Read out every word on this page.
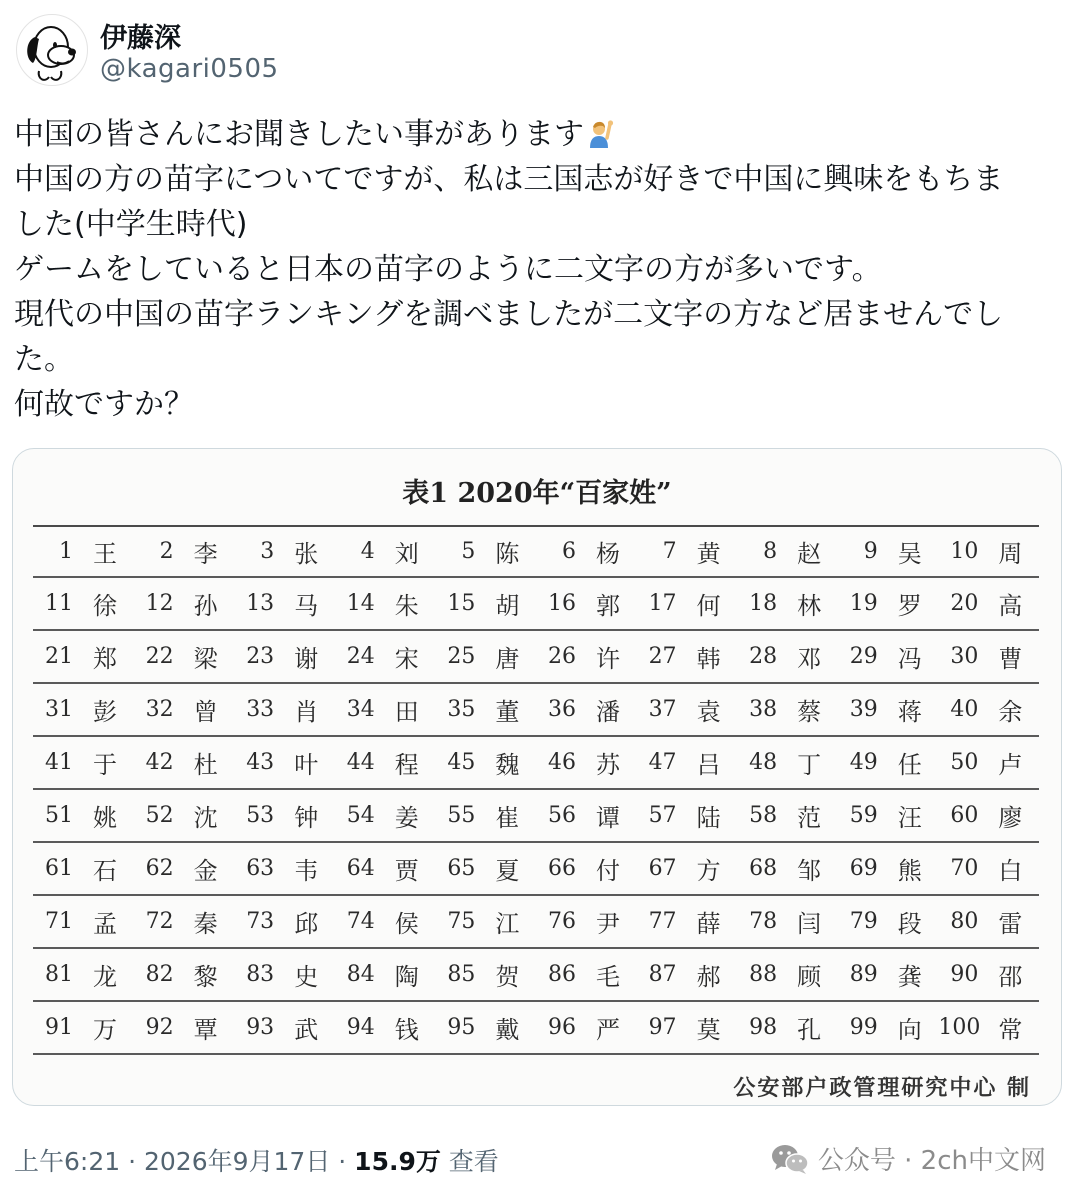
伊藤深
@kagari0505

中国の皆さんにお聞きしたい事があります

中国の方の苗字についてですが、私は三国志が好きで中国に興味をもちま

した(中学生時代)

ゲームをしていると日本の苗字のように二文字の方が多いです。

現代の中国の苗字ランキングを調べましたが二文字の方など居ませんでし

た。

何故ですか？

表1 2020年“百家姓”
1 王	2 李	3 张	4 刘	5 陈	6 杨	7 黄	8 赵	9 吴	10 周
11 徐	12 孙	13 马	14 朱	15 胡	16 郭	17 何	18 林	19 罗	20 高
21 郑	22 梁	23 谢	24 宋	25 唐	26 许	27 韩	28 邓	29 冯	30 曹
31 彭	32 曾	33 肖	34 田	35 董	36 潘	37 袁	38 蔡	39 蒋	40 余
41 于	42 杜	43 叶	44 程	45 魏	46 苏	47 吕	48 丁	49 任	50 卢
51 姚	52 沈	53 钟	54 姜	55 崔	56 谭	57 陆	58 范	59 汪	60 廖
61 石	62 金	63 韦	64 贾	65 夏	66 付	67 方	68 邹	69 熊	70 白
71 孟	72 秦	73 邱	74 侯	75 江	76 尹	77 薛	78 闫	79 段	80 雷
81 龙	82 黎	83 史	84 陶	85 贺	86 毛	87 郝	88 顾	89 龚	90 邵
91 万	92 覃	93 武	94 钱	95 戴	96 严	97 莫	98 孔	99 向 100 常
公安部户政管理研究中心 制
上午6:21 · 2026年9月17日 · 15.9万 查看	公众号 · 2ch中文网
